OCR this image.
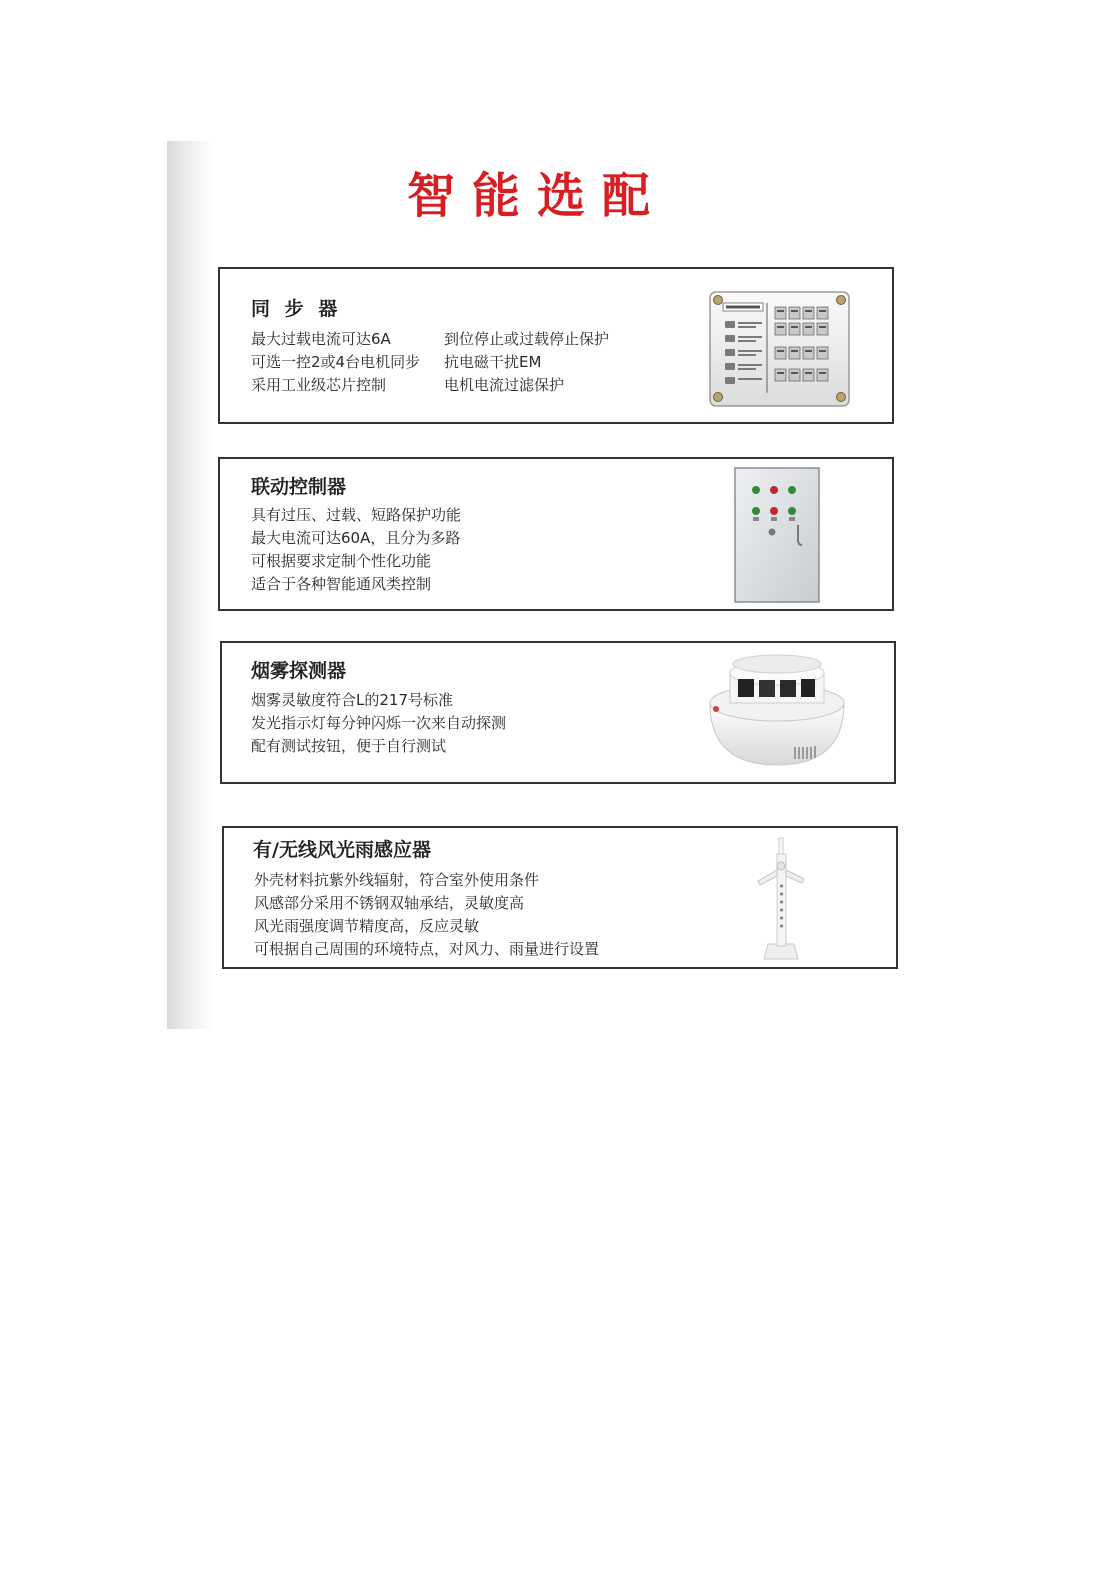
智能选配
同 步 器
最大过载电流可达6A
可选一控2或4台电机同步
采用工业级芯片控制
到位停止或过载停止保护
抗电磁干扰EM
电机电流过滤保护
联动控制器
具有过压、过载、短路保护功能
最大电流可达60A，且分为多路
可根据要求定制个性化功能
适合于各种智能通风类控制
烟雾探测器
烟雾灵敏度符合L的217号标准
发光指示灯每分钟闪烁一次来自动探测
配有测试按钮，便于自行测试
有/无线风光雨感应器
外壳材料抗紫外线辐射，符合室外使用条件
风感部分采用不锈钢双轴承结，灵敏度高
风光雨强度调节精度高，反应灵敏
可根据自己周围的环境特点，对风力、雨量进行设置
